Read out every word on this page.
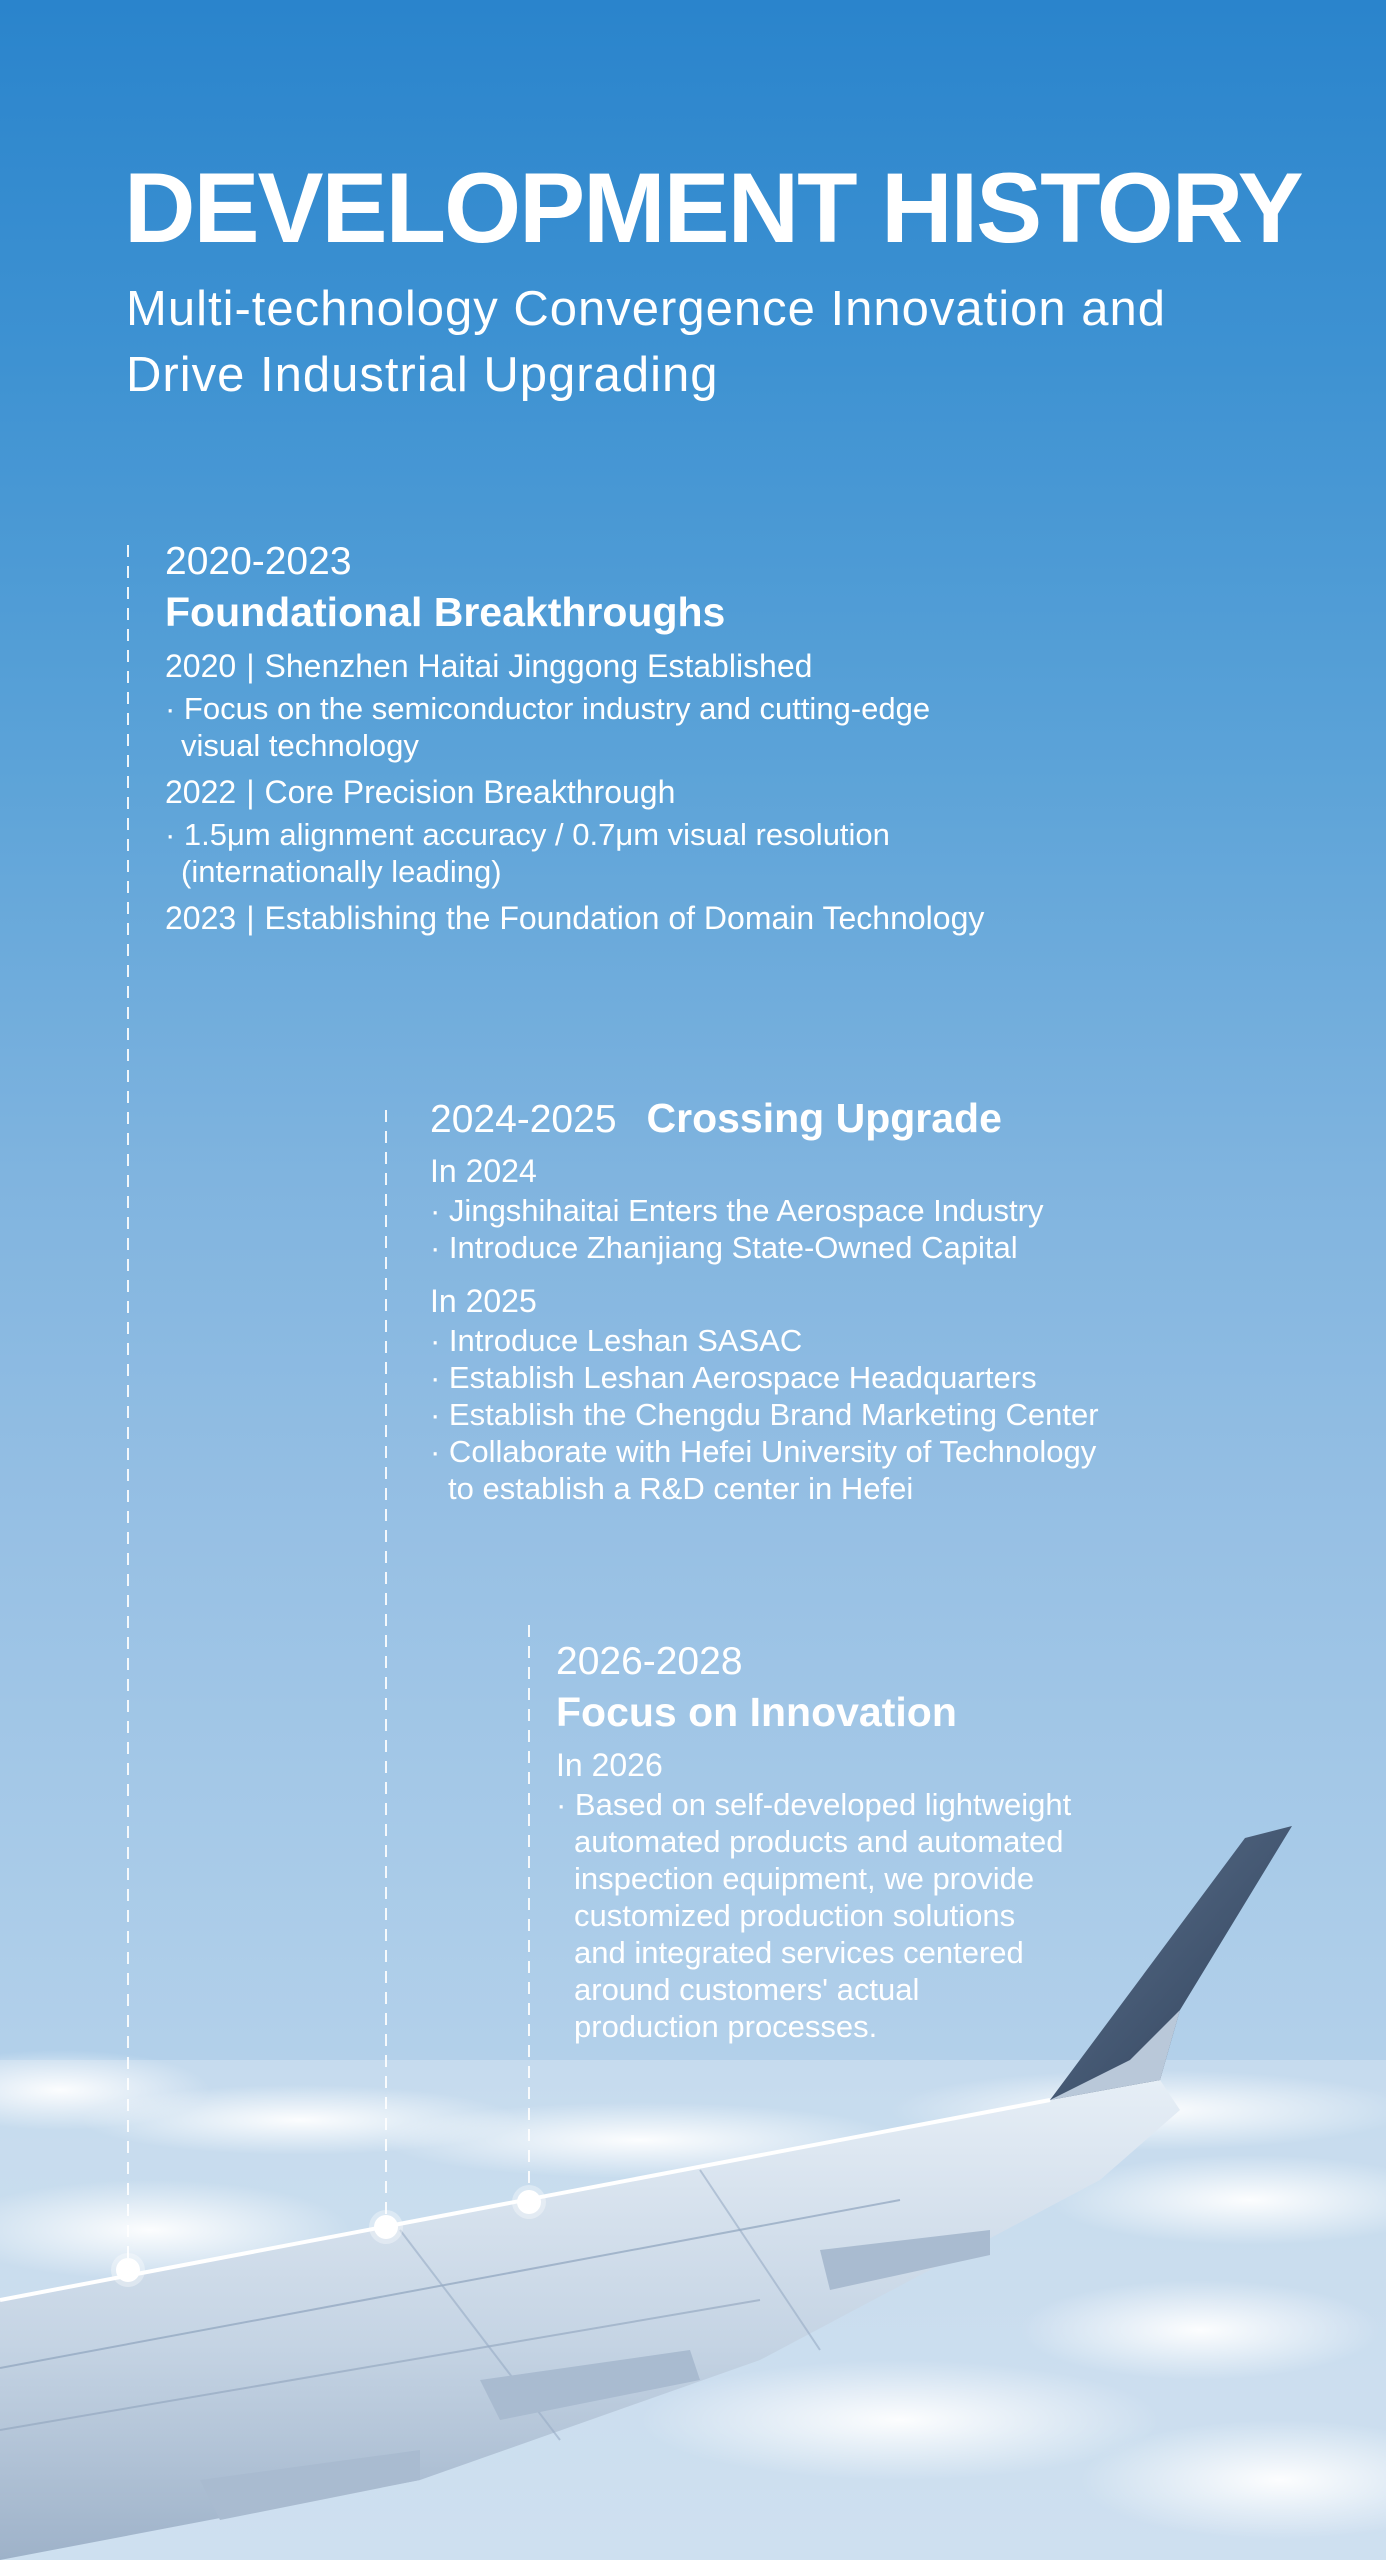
DEVELOPMENT HISTORY

Multi-technology Convergence Innovation and Drive Industrial Upgrading

2020-2023
Foundational Breakthroughs
2020 | Shenzhen Haitai Jinggong Established
· Focus on the semiconductor industry and cutting-edge
visual technology
2022 | Core Precision Breakthrough
· 1.5μm alignment accuracy / 0.7μm visual resolution
(internationally leading)
2023 | Establishing the Foundation of Domain Technology
2024-2025 Crossing Upgrade
In 2024
· Jingshihaitai Enters the Aerospace Industry
· Introduce Zhanjiang State-Owned Capital
In 2025
· Introduce Leshan SASAC
· Establish Leshan Aerospace Headquarters
· Establish the Chengdu Brand Marketing Center
· Collaborate with Hefei University of Technology
to establish a R&D center in Hefei
2026-2028
Focus on Innovation
In 2026
· Based on self-developed lightweight
automated products and automated
inspection equipment, we provide
customized production solutions
and integrated services centered
around customers' actual
production processes.
